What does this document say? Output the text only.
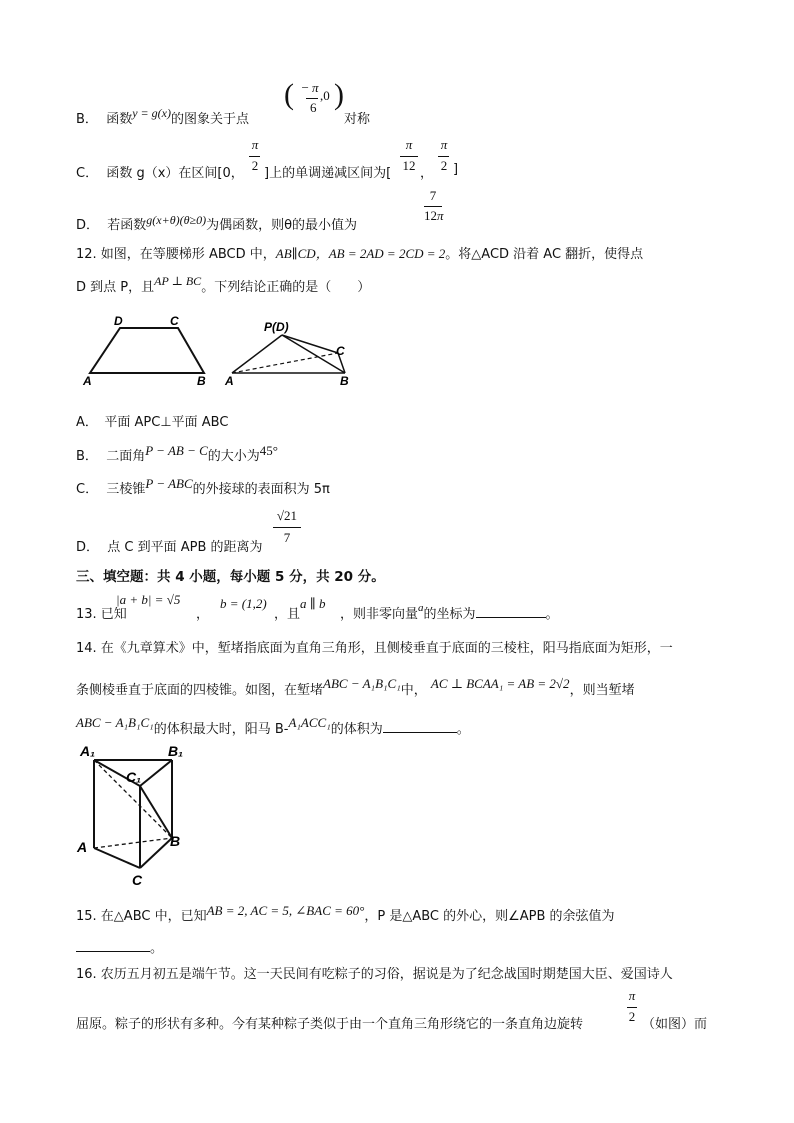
B． 函数y = g(x)的图象关于点
( − π
6
,0 )
对称
C． 函数 g（x）在区间[0，
π
2
]上的单调递减区间为[
π
12
，
π
2 ]
D． 若函数g(x+θ)(θ≥0)为偶函数，则θ的最小值为
7
12π
12. 如图，在等腰梯形 ABCD 中，AB∥CD，AB = 2AD = 2CD = 2。将△ACD 沿着 AC 翻折，使得点
D 到点 P，且AP ⊥ BC。下列结论正确的是（　　）
D	C
A	B
P(D)
C
A	B
A．　平面 APC⊥平面 ABC
B． 二面角P − AB − C的大小为45°
C． 三棱锥P − ABC的外接球的表面积为 5π
D． 点 C 到平面 APB 的距离为
√21
7
三、填空题：共 4 小题，每小题 5 分，共 20 分。
13. 已知
|a + b| = √5
，
b = (1,2)
，且
a ∥ b
，则非零向量$^a$的坐标为	。
14. 在《九章算术》中，堑堵指底面为直角三角形，且侧棱垂直于底面的三棱柱，阳马指底面为矩形，一
条侧棱垂直于底面的四棱锥。如图，在堑堵ABC − A₁B₁C₁中， AC ⊥ BCAA₁ = AB = 2√2，则当堑堵
ABC − A₁B₁C₁的体积最大时，阳马 B-A₁ACC₁的体积为	。
A₁	B₁
C₁
A	B
C
15. 在△ABC 中，已知AB = 2, AC = 5, ∠BAC = 60°，P 是△ABC 的外心，则∠APB 的余弦值为
。
16. 农历五月初五是端午节。这一天民间有吃粽子的习俗，据说是为了纪念战国时期楚国大臣、爱国诗人
屈原。粽子的形状有多种。今有某种粽子类似于由一个直角三角形绕它的一条直角边旋转
π
2
（如图）而
